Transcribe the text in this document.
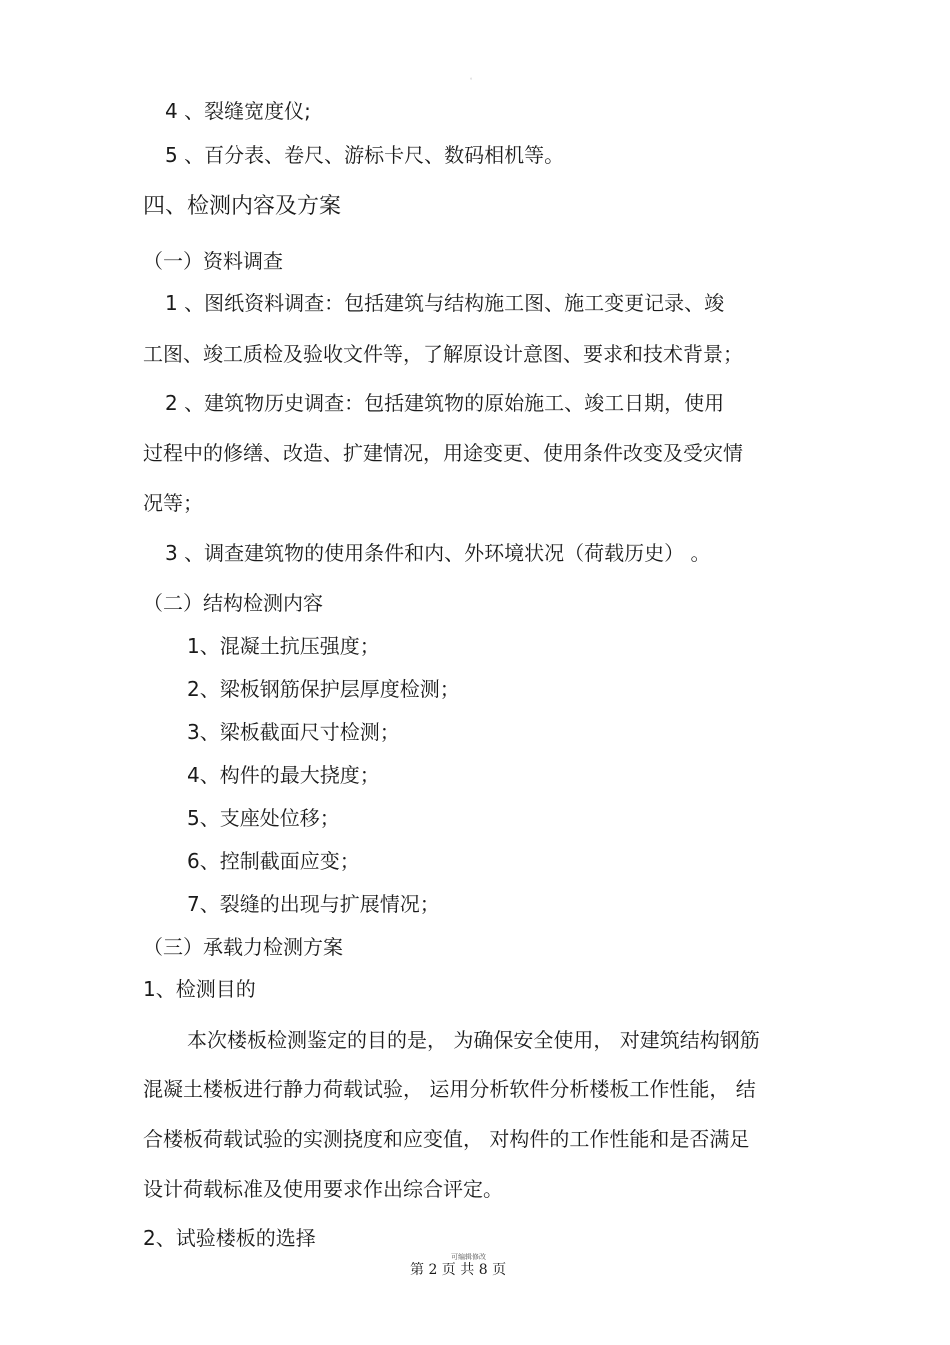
。
4 、裂缝宽度仪;
5 、百分表、卷尺、游标卡尺、数码相机等。
四、检测内容及方案
（一）资料调查
1 、图纸资料调查：包括建筑与结构施工图、施工变更记录、竣
工图、竣工质检及验收文件等，了解原设计意图、要求和技术背景；
2 、建筑物历史调查：包括建筑物的原始施工、竣工日期，使用
过程中的修缮、改造、扩建情况，用途变更、使用条件改变及受灾情
况等；
3 、调查建筑物的使用条件和内、外环境状况（荷载历史） 。
（二）结构检测内容
1、混凝土抗压强度；
2、梁板钢筋保护层厚度检测；
3、梁板截面尺寸检测；
4、构件的最大挠度；
5、支座处位移；
6、控制截面应变；
7、裂缝的出现与扩展情况；
（三）承载力检测方案
1、检测目的
本次楼板检测鉴定的目的是， 为确保安全使用， 对建筑结构钢筋
混凝土楼板进行静力荷载试验， 运用分析软件分析楼板工作性能， 结
合楼板荷载试验的实测挠度和应变值， 对构件的工作性能和是否满足
设计荷载标准及使用要求作出综合评定。
2、试验楼板的选择
可编辑修改
第 2 页 共 8 页
